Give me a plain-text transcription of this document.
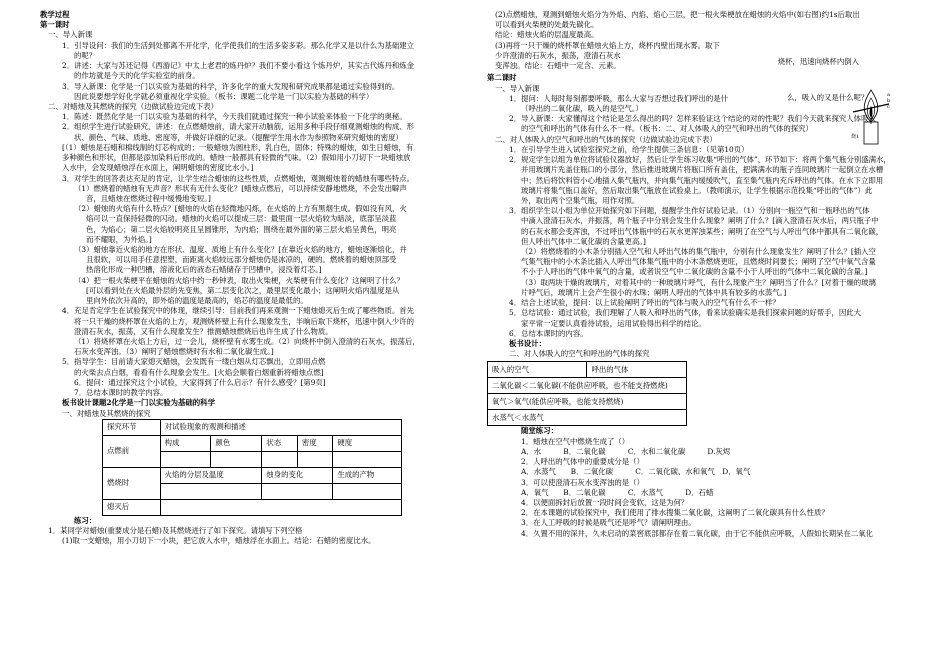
教学过程

第一课时

一、导入新课

1．引导设问：我们的生活到处都离不开化学，化学使我们的生活多姿多彩。那么化学又是以什么为基础建立

的呢？

2．讲述：大家与苏还记得《西游记》中太上老君的炼丹炉？我们不要小看这个炼丹炉，其实古代炼丹和炼金

的作坊就是今天的化学实验室的前身。

3．导入新课：化学是一门以实验为基础的科学，许多化学的重大发现和研究成果都是通过实验得到的。

因此说要想学好化学就必须重视化学实验。（板书：课题二化学是一门以实验为基础的科学）

二、对蜡烛及其燃烧的探究（边做试验边完成下表）

1．陈述：既然化学是一门以实验为基础的科学，今天我们就通过探究一种小试验来体验一下化学的奥秘。

2．组织学生进行试验研究，讲述：在点燃蜡烛前，请大家开动脑筋，运用多种手段仔细观测蜡烛的构成、形

状、颜色、气味、质地、密度等，并做好详细的记录。（提醒学生用水作为参照物来研究蜡烛的密度）

[（1）蜡烛是石蜡和棉线制的灯芯构成的；一般蜡烛为圆柱形，乳白色，固体；特殊的蜡烛，如生日蜡烛，有

多种颜色和形状，但都是添加染料后形成的。蜡烛一般都具有轻微的气味。（2）假如用小刀切下一块蜡烛放

入水中，会发现蜡烛浮在水面上，阐明蜡烛的密度比水小。]

3．对学生的回答表达充足的肯定，让学生结合蜡烛的这些性质，点燃蜡烛，观测蜡烛着的蜡烛有哪些特点。

（1）燃烧着的蜡烛有无声音？形状有无什么变化？[蜡烛点燃后，可以持续安静地燃烧，不会发出噼声

音，且蜡烛在燃烧过程中缓慢地变短。]

（2）蜡烛的火焰有什么特点？[蜡烛的火焰在轻微地闪烁，在火焰的上方有黑烟生成。假如没有风，火

焰可以一直保持轻微的闪动。蜡烛的火焰可以提成三层：最里面一层火焰较为暗淡，底部呈淡蓝

色，为焰心；第二层火焰较明亮且呈圆锥形，为内焰；围绕在最外面的第三层火焰呈黄色，明亮

而不耀眼，为外焰。]

（3）蜡烛靠近火焰的地方在形状、温度、质地上有什么变化？[在靠近火焰的地方，蜡烛逐渐熔化，并

且很软，可以用手任意捏塑，而距离火焰较远部分蜡烛仍是冰凉的，硬的。燃烧着的蜡烛顶部受

热溶化形成一种凹槽，溶液化后的液态石蜡储存于凹槽中，浸没着灯芯。]

（4）把一根火柴梗平在蜡烛的火焰中约一秒钟表，取出火柴梗，火柴梗有什么变化？这阐明了什么？

[可以看到处在火焰最外层的先变焦，第二层变化次之，最里层变化最小；这阐明火焰内温度是从

里向外依次升高的，即外焰的温度是最高的，焰芯的温度是最低的。

4．充足肯定学生在试验探究中的体现，继续引导：目前我们再来观测一下蜡烛熄灭后生成了哪些物质。首先

将一只干燥的烧杯罩在火焰的上方，观测烧杯壁上有什么现象发生，半晌后取下烧杯，迅速中倒入少许的

澄清石灰水，振荡，又有什么现象发生？推测蜡烛燃烧后也许生成了什么物质。

（1）将烧杯罩在火焰上方后，过一会儿，烧杯壁有水雾生成。（2）向烧杯中倒入澄清的石灰水，振荡后，

石灰水变浑浊。（3）阐明了蜡烛燃烧时有水和二氧化碳生成。]

5．指导学生：目前请大家熄灭蜡烛，会发既有一缕白烟从灯芯飘出，立即用点燃

的火柴去点白烟，看看有什么现象会发生。[火焰会顺着白烟重新将蜡烛点燃]

6．提问：通过探究这个小试验，大家得到了什么启示？有什么感受？[第9页]

7．总结本课时的教学内容。

板书设计课题2化学是一门以实验为基础的科学

一、对蜡烛及其燃烧的探究

探究环节	对试验现象的观测和描述				
点燃前	构成	颜色	状态	密度	硬度

燃烧时	火焰的分层及温度		烛身的变化		生成的产物

熄灭后					

练习：

1．某同学对蜡烛(重要成分是石蜡)及其燃烧进行了如下探究。请填写下列空格

(1)取一支蜡烛，用小刀切下一小块，把它放入水中，蜡烛浮在水面上。结论：石蜡的密度比水。

(2)点燃蜡烛，观测到蜡烛火焰分为外焰、内焰、焰心三层，把一根火柴梗放在蜡烛的火焰中(如右图)约1s后取出

可以看到火柴梗的处最先碳化。

结论：蜡烛火焰的层温度最高。

(3)再将一只干燥的烧杯罩在蜡烛火焰上方，烧杯内壁出现水雾。取下

少许澄清的石灰水，振荡，澄清石灰水

变浑浊。结论：石蜡中一定含、元素。	烧杯，迅速向烧杯内倒入

a
b
c
烧1

第二课时

一、导入新课

1．提问：人每时每刻都要呼吸，那么大家与否想过我们呼出的是什

（呼出的二氧化碳，吸入的是空气。）

2．导入新课：大家懂得这个结论是怎么得出的吗？怎样来验证这个结论的对的性呢？我们今天就来探究人体吸入

的空气和呼出的气体有什么不一样。（板书：二、对人体吸入的空气和呼出的气体的探究）

二、对人体吸入的空气和呼出的气体的探究（边做试验边完成下表）

1．在引导学生进入试验室探究之前，给学生提供三条信息：（见第10页）

2．规定学生以组为单位将试验仪器放好，然后让学生练习收集“呼出的气体”，环节如下：将两个集气瓶分别盛满水，

并用玻璃片先盖住瓶口的小部分，然后推进玻璃片将瓶口所有盖住，把满满水的瓶子连同玻璃片一起倒立在水槽

中；然后将饮料管小心地插入集气瓶内，并向集气瓶内缓缓吹气，直至集气瓶内充斥呼出的气体。在水下立即用

玻璃片将集气瓶口盖好，然后取出集气瓶放在试验桌上。（教师演示，让学生根据示范投集“呼出的气体”）此

外，取出两个空集气瓶，用作对照。

3．组织学生以小组为单位开始探究如下问题，提醒学生作好试验记录。（1）分别向一瓶空气和一瓶呼出的气体

中滴入澄清石灰水，并振荡，两个瓶子中分别会发生什么现象？阐明了什么？[滴入澄清石灰水后，两只瓶子中

的石灰水都会变浑浊，不过呼出气体瓶中的石灰水更浑浊某些；阐明了在空气与人呼出气体中都具有二氧化碳，

但人呼出气体中二氧化碳的含量更高。]

（2）将燃烧着的小木条分别插入空气和人呼出气体的集气瓶中，分别有什么现象发生？阐明了什么？[插入空

气集气瓶中的小木条比插入人呼出气体集气瓶中的小木条燃烧更旺，且燃烧时间要长；阐明了空气中氧气含量

不小于人呼出的气体中氧气的含量，或者说空气中二氧化碳的含量不小于人呼出的气体中二氧化碳的含量。]

（3）取两块干燥的玻璃片，对着其中的一种玻璃片呼气，有什么现象产生？阐明当了什么？[对着干燥的玻璃

片呼气后，玻璃片上会产生很小的水珠；阐明人呼出的气体中具有较多的水蒸气。]

4．结合上述试验，提问：以上试验阐明了呼出的气体与吸入的空气有什么不一样？

5．总结试验：通过试验，我们理解了人吸入和呼出的气体，看来试验确实是我们探索问题的好帮手，因此大

家平常一定要认真看待试验，运用试验得出科学的结论。

6．总结本课时的内容。

板书设计：

二、对人体吸入的空气和呼出的气体的探究

么，吸入的又是什么呢？

吸入的空气	呼出的气体
二氧化碳＜二氧化碳(不能供应呼吸，也不能支持燃烧)
氧气＞氧气(能供应呼吸，也能支持燃烧)
水蒸气＜水蒸气

随堂练习：

1．蜡烛在空气中燃烧生成了（）

A．水　　　B．二氧化碳　　　C．水和二氧化碳　　　D.灰烬

2．人呼出的气体中的重要成分是（）

A．水蒸气　　B．二氧化碳　　　C．二氧化碳、水和氧气　D．氧气

3．可以使澄清石灰水变浑浊的是（）

A．氧气　　B．二氧化碳　　　C．水蒸气　　　D．石蜡

4．以便面拆封后放置一段时间会变软，这是为何？

2．在本课题的试验探究中，我们使用了排水搜集二氧化碳，这阐明了二氧化碳具有什么性质？

3．在人工呼吸的时候是吸气还是呼气？请阐明理由。

4．久置不用的深井，久未启动的菜窖底部都存在着二氧化碳，由于它不能供应呼吸，人假如长期呆在二氧化
